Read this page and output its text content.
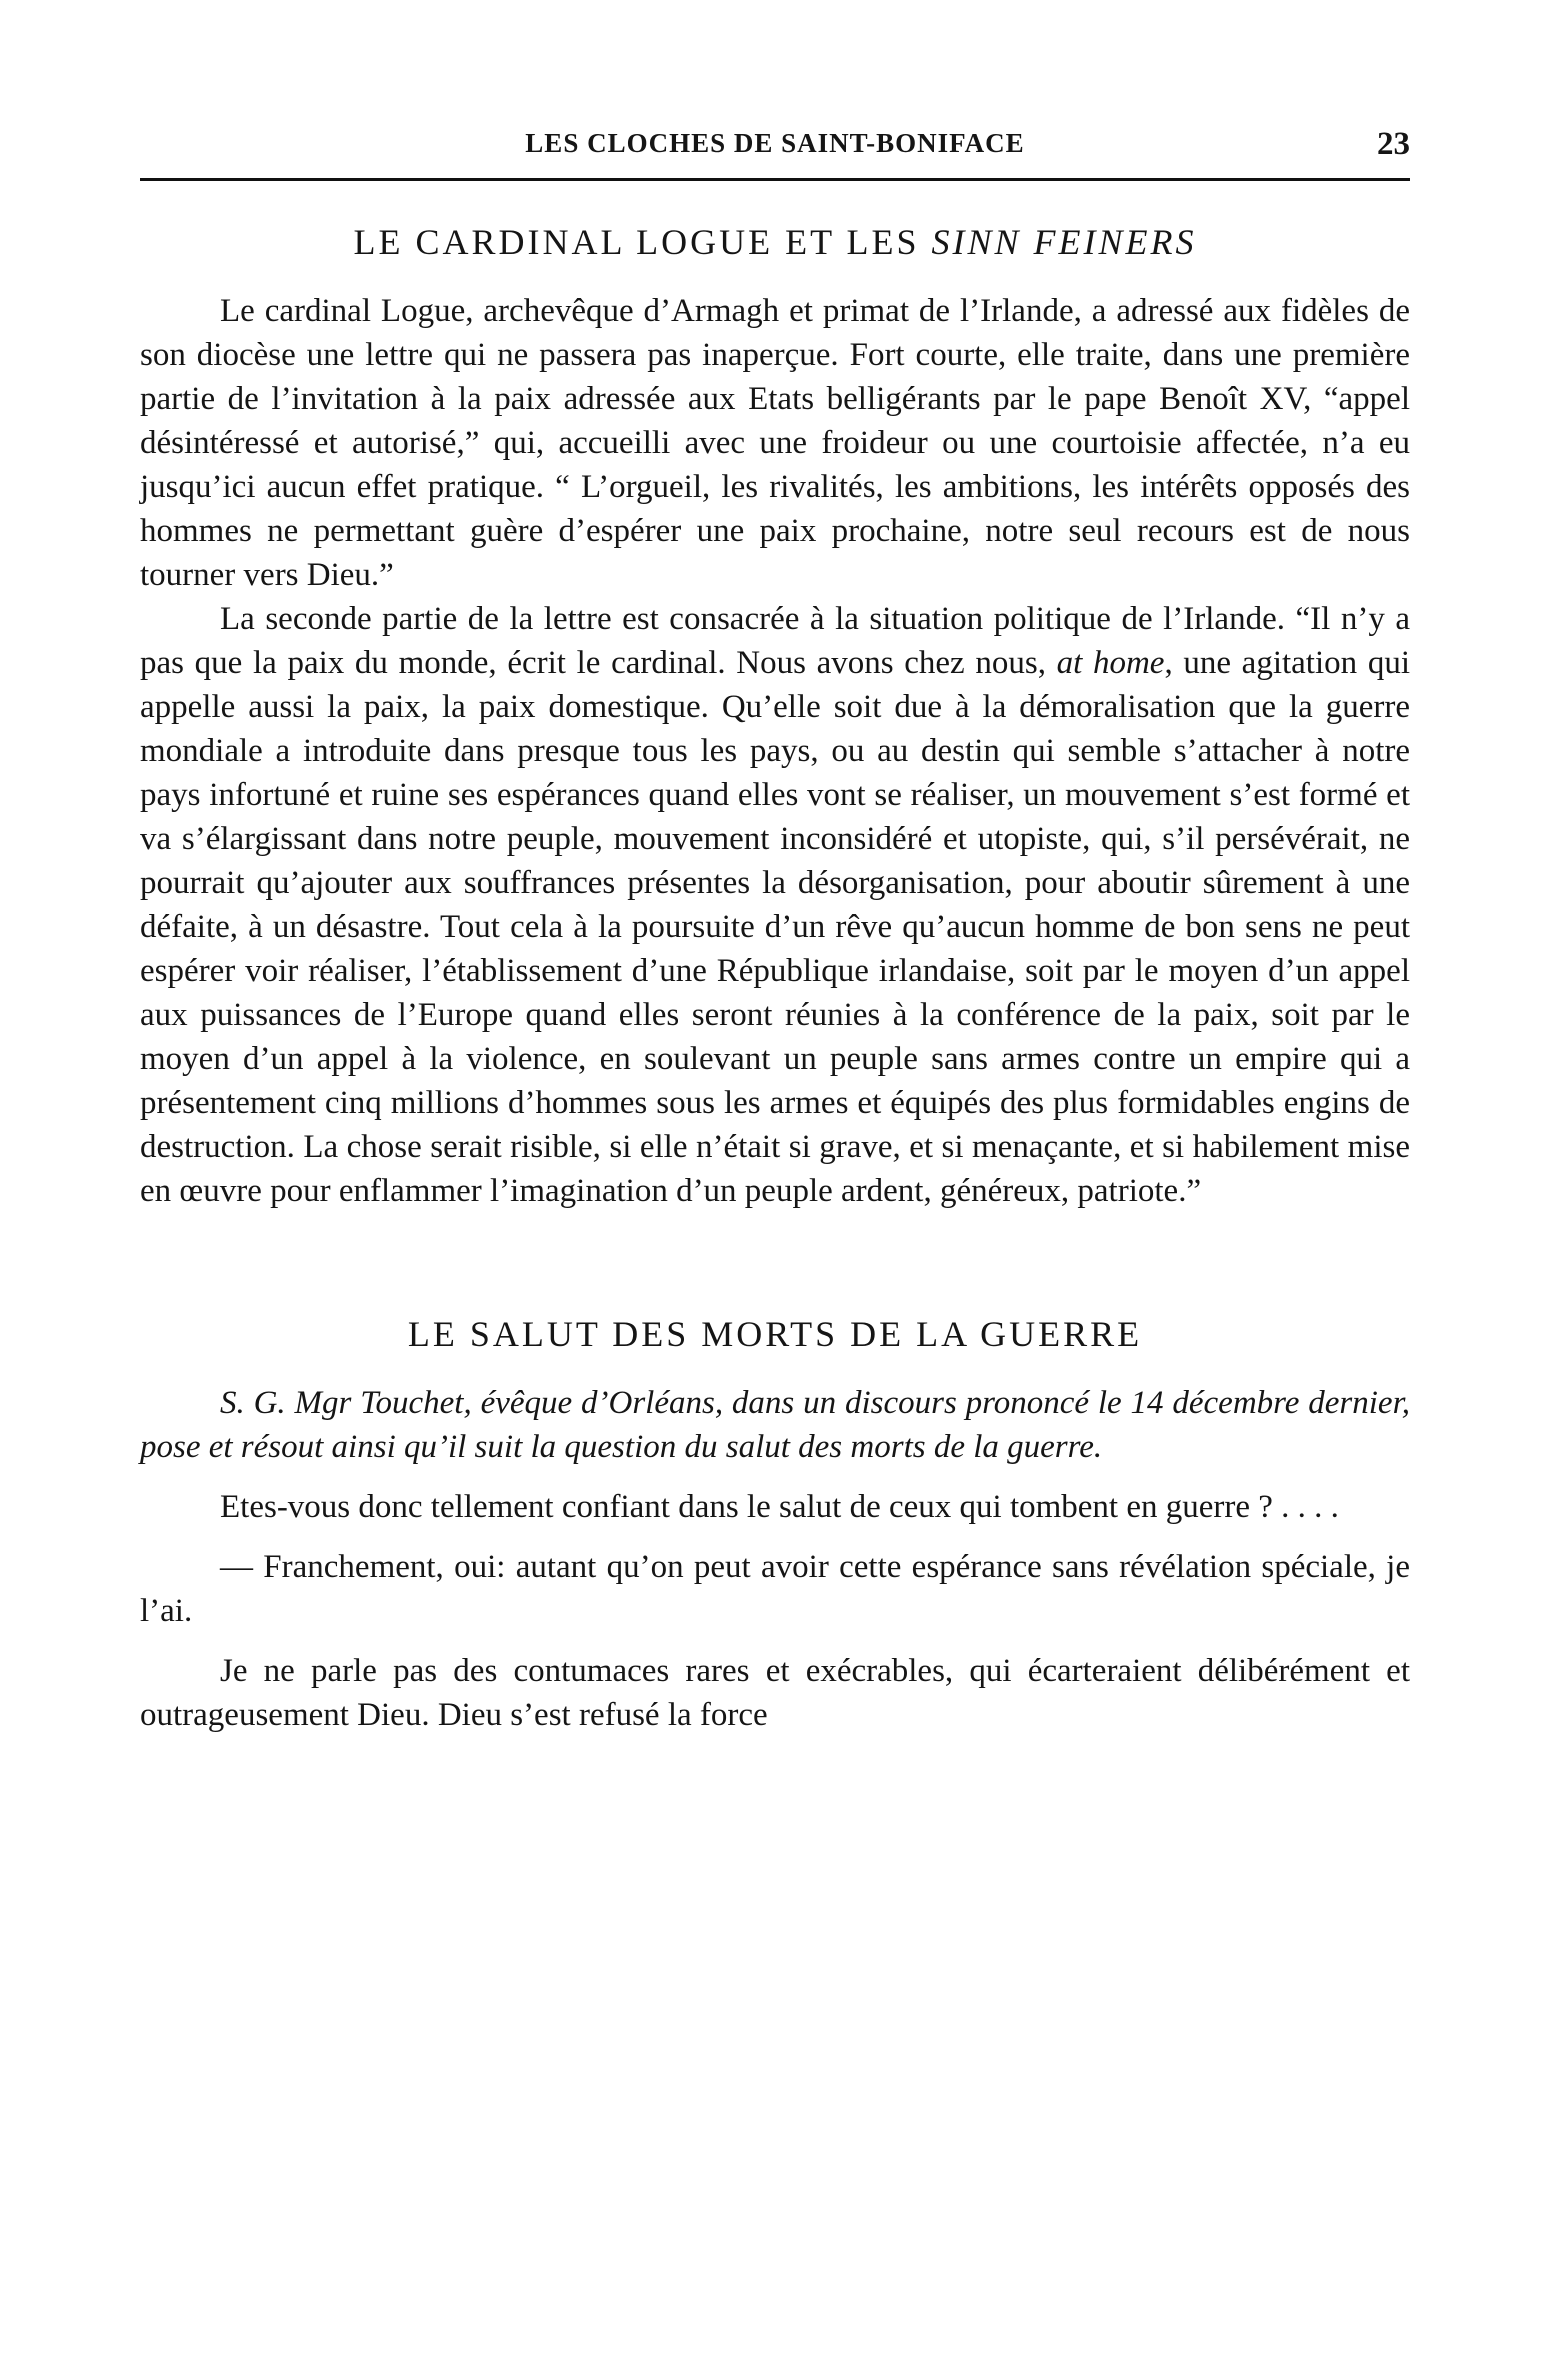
LES CLOCHES DE SAINT-BONIFACE	23
LE CARDINAL LOGUE ET LES SINN FEINERS

Le cardinal Logue, archevêque d’Armagh et primat de l’Irlande, a adressé aux fidèles de son diocèse une lettre qui ne passera pas inaperçue. Fort courte, elle traite, dans une première partie de l’invitation à la paix adressée aux Etats belligérants par le pape Benoît XV, “appel désintéressé et autorisé,” qui, accueilli avec une froideur ou une courtoisie affectée, n’a eu jusqu’ici aucun effet pratique. “ L’orgueil, les rivalités, les ambitions, les intérêts opposés des hommes ne permettant guère d’espérer une paix prochaine, notre seul recours est de nous tourner vers Dieu.”

La seconde partie de la lettre est consacrée à la situation politique de l’Irlande. “Il n’y a pas que la paix du monde, écrit le cardinal. Nous avons chez nous, at home, une agitation qui appelle aussi la paix, la paix domestique. Qu’elle soit due à la démoralisation que la guerre mondiale a introduite dans presque tous les pays, ou au destin qui semble s’attacher à notre pays infortuné et ruine ses espérances quand elles vont se réaliser, un mouvement s’est formé et va s’élargissant dans notre peuple, mouvement inconsidéré et utopiste, qui, s’il persévérait, ne pourrait qu’ajouter aux souffrances présentes la désorganisation, pour aboutir sûrement à une défaite, à un désastre. Tout cela à la poursuite d’un rêve qu’aucun homme de bon sens ne peut espérer voir réaliser, l’établissement d’une République irlandaise, soit par le moyen d’un appel aux puissances de l’Europe quand elles seront réunies à la conférence de la paix, soit par le moyen d’un appel à la violence, en soulevant un peuple sans armes contre un empire qui a présentement cinq millions d’hommes sous les armes et équipés des plus formidables engins de destruction. La chose serait risible, si elle n’était si grave, et si menaçante, et si habilement mise en œuvre pour enflammer l’imagination d’un peuple ardent, généreux, patriote.”

LE SALUT DES MORTS DE LA GUERRE

S. G. Mgr Touchet, évêque d’Orléans, dans un discours prononcé le 14 décembre dernier, pose et résout ainsi qu’il suit la question du salut des morts de la guerre.

Etes-vous donc tellement confiant dans le salut de ceux qui tombent en guerre ? . . . .

— Franchement, oui: autant qu’on peut avoir cette espérance sans révélation spéciale, je l’ai.

Je ne parle pas des contumaces rares et exécrables, qui écarteraient délibérément et outrageusement Dieu. Dieu s’est refusé la force
